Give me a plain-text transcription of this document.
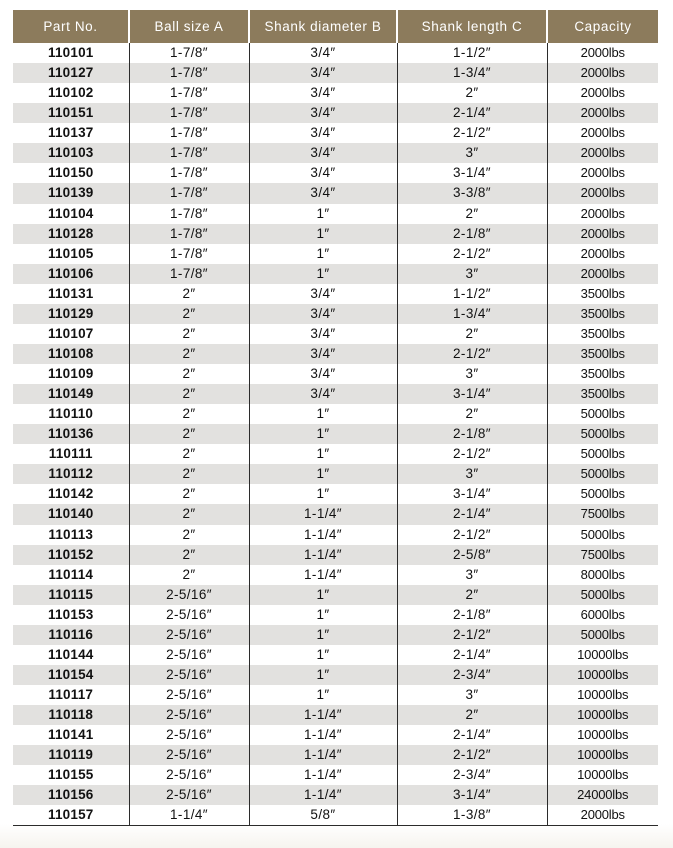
Part No.	Ball size A	Shank diameter B	Shank length C	Capacity
110101	1-7/8″	3/4″	1-1/2″	2000lbs
110127	1-7/8″	3/4″	1-3/4″	2000lbs
110102	1-7/8″	3/4″	2″	2000lbs
110151	1-7/8″	3/4″	2-1/4″	2000lbs
110137	1-7/8″	3/4″	2-1/2″	2000lbs
110103	1-7/8″	3/4″	3″	2000lbs
110150	1-7/8″	3/4″	3-1/4″	2000lbs
110139	1-7/8″	3/4″	3-3/8″	2000lbs
110104	1-7/8″	1″	2″	2000lbs
110128	1-7/8″	1″	2-1/8″	2000lbs
110105	1-7/8″	1″	2-1/2″	2000lbs
110106	1-7/8″	1″	3″	2000lbs
110131	2″	3/4″	1-1/2″	3500lbs
110129	2″	3/4″	1-3/4″	3500lbs
110107	2″	3/4″	2″	3500lbs
110108	2″	3/4″	2-1/2″	3500lbs
110109	2″	3/4″	3″	3500lbs
110149	2″	3/4″	3-1/4″	3500lbs
110110	2″	1″	2″	5000lbs
110136	2″	1″	2-1/8″	5000lbs
110111	2″	1″	2-1/2″	5000lbs
110112	2″	1″	3″	5000lbs
110142	2″	1″	3-1/4″	5000lbs
110140	2″	1-1/4″	2-1/4″	7500lbs
110113	2″	1-1/4″	2-1/2″	5000lbs
110152	2″	1-1/4″	2-5/8″	7500lbs
110114	2″	1-1/4″	3″	8000lbs
110115	2-5/16″	1″	2″	5000lbs
110153	2-5/16″	1″	2-1/8″	6000lbs
110116	2-5/16″	1″	2-1/2″	5000lbs
110144	2-5/16″	1″	2-1/4″	10000lbs
110154	2-5/16″	1″	2-3/4″	10000lbs
110117	2-5/16″	1″	3″	10000lbs
110118	2-5/16″	1-1/4″	2″	10000lbs
110141	2-5/16″	1-1/4″	2-1/4″	10000lbs
110119	2-5/16″	1-1/4″	2-1/2″	10000lbs
110155	2-5/16″	1-1/4″	2-3/4″	10000lbs
110156	2-5/16″	1-1/4″	3-1/4″	24000lbs
110157	1-1/4″	5/8″	1-3/8″	2000lbs
